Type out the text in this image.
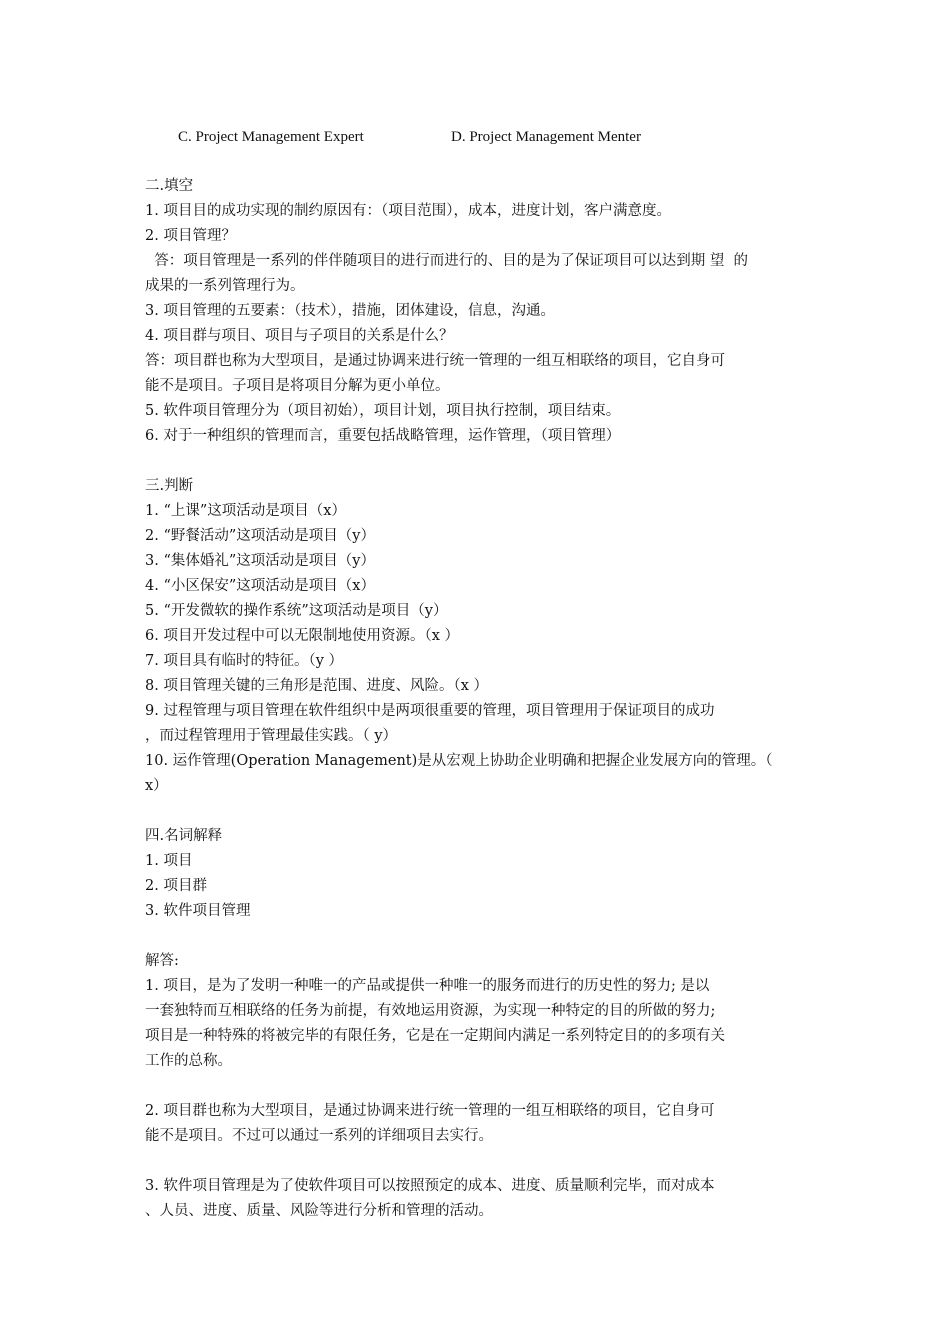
C. Project Management Expert	D. Project Management Menter
二.填空
1. 项目目的成功实现的制约原因有：（项目范围），成本，进度计划，客户满意度。
2. 项目管理？
答：项目管理是一系列的伴伴随项目的进行而进行的、目的是为了保证项目可以达到期 望  的
成果的一系列管理行为。
3. 项目管理的五要素：（技术），措施，团体建设，信息，沟通。
4. 项目群与项目、项目与子项目的关系是什么？
答：项目群也称为大型项目，是通过协调来进行统一管理的一组互相联络的项目，它自身可
能不是项目。子项目是将项目分解为更小单位。
5. 软件项目管理分为（项目初始），项目计划，项目执行控制，项目结束。
6. 对于一种组织的管理而言，重要包括战略管理，运作管理，（项目管理）
三.判断
1. “上课”这项活动是项目（x）
2. “野餐活动”这项活动是项目（y）
3. “集体婚礼”这项活动是项目（y）
4. “小区保安”这项活动是项目（x）
5. “开发微软的操作系统”这项活动是项目（y）
6. 项目开发过程中可以无限制地使用资源。（x ）
7. 项目具有临时的特征。（y ）
8. 项目管理关键的三角形是范围、进度、风险。（x ）
9. 过程管理与项目管理在软件组织中是两项很重要的管理，项目管理用于保证项目的成功
，而过程管理用于管理最佳实践。（ y）
10. 运作管理(Operation Management)是从宏观上协助企业明确和把握企业发展方向的管理。（
x）
四.名词解释
1. 项目
2. 项目群
3. 软件项目管理
解答:
1. 项目，是为了发明一种唯一的产品或提供一种唯一的服务而进行的历史性的努力; 是以
一套独特而互相联络的任务为前提，有效地运用资源，为实现一种特定的目的所做的努力;
项目是一种特殊的将被完毕的有限任务，它是在一定期间内满足一系列特定目的的多项有关
工作的总称。
2. 项目群也称为大型项目，是通过协调来进行统一管理的一组互相联络的项目，它自身可
能不是项目。不过可以通过一系列的详细项目去实行。
3. 软件项目管理是为了使软件项目可以按照预定的成本、进度、质量顺利完毕，而对成本
、人员、进度、质量、风险等进行分析和管理的活动。
